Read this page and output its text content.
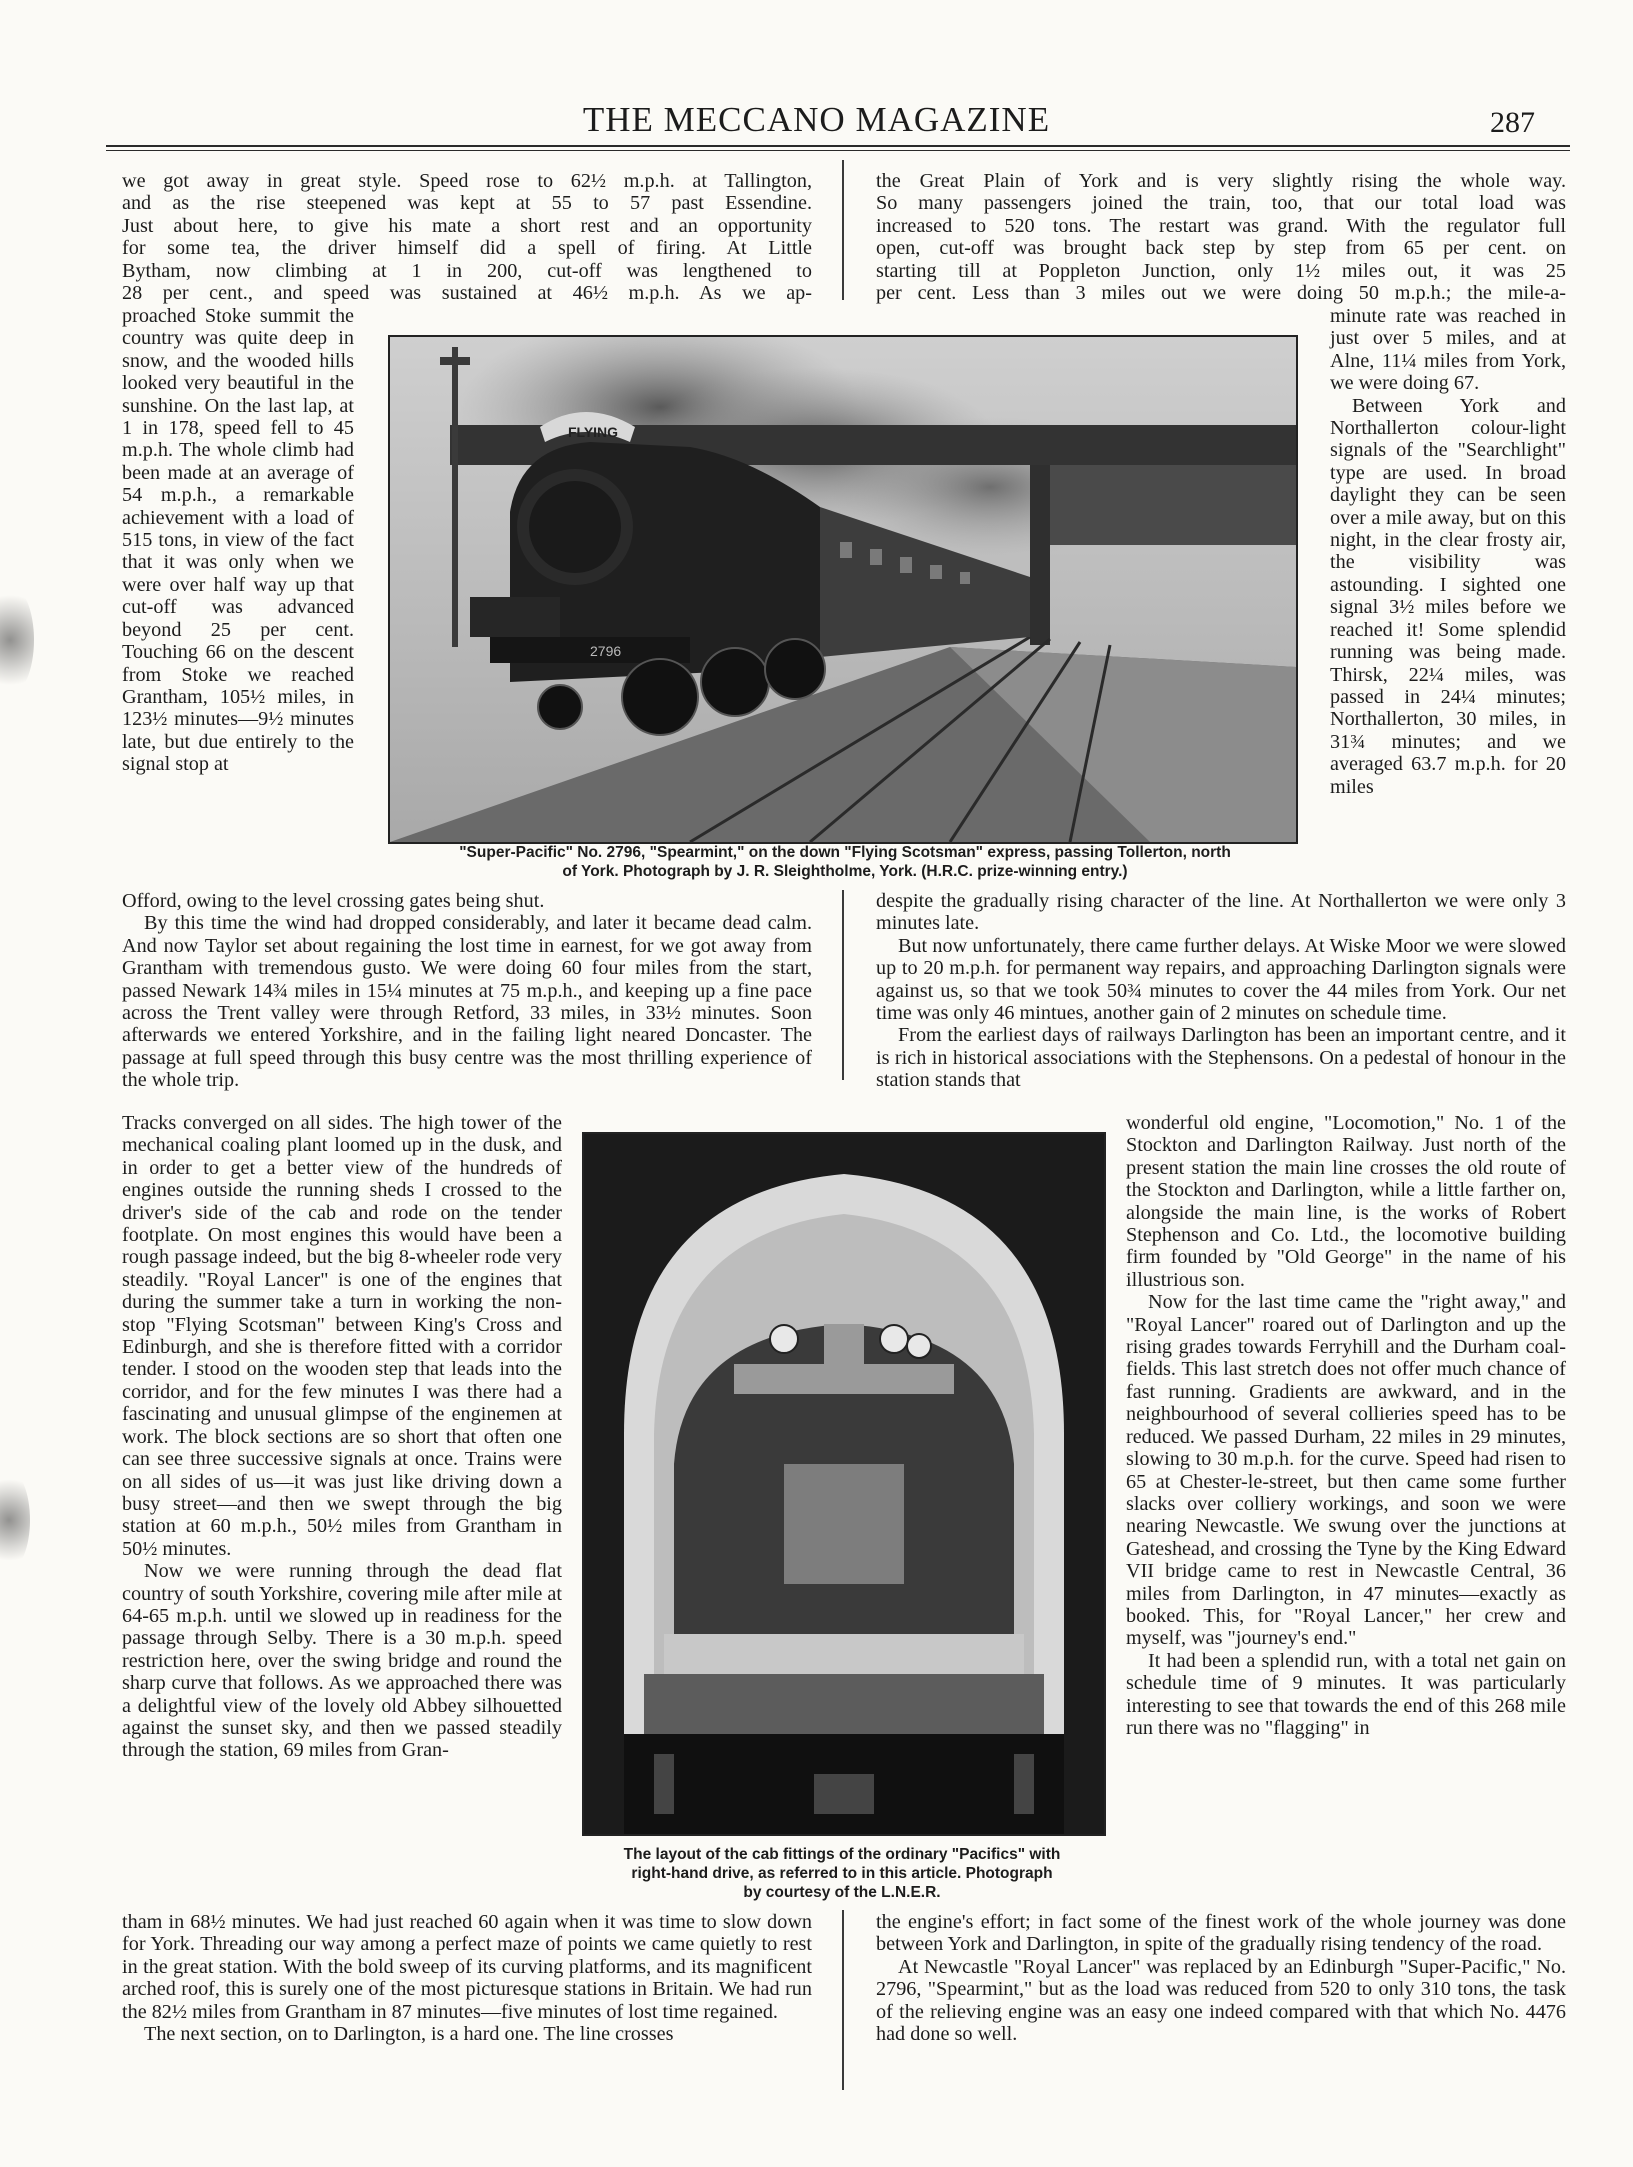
THE MECCANO MAGAZINE	287
we got away in great style. Speed rose to 62½ m.p.h. at Tallington,
and as the rise steepened was kept at 55 to 57 past Essendine.
Just about here, to give his mate a short rest and an opportunity
for some tea, the driver himself did a spell of firing. At Little
Bytham, now climbing at 1 in 200, cut-off was lengthened to
28 per cent., and speed was sustained at 46½ m.p.h. As we ap-

proached Stoke summit the country was quite deep in snow, and the wooded hills looked very beautiful in the sunshine. On the last lap, at 1 in 178, speed fell to 45 m.p.h. The whole climb had been made at an average of 54 m.p.h., a remarkable achievement with a load of 515 tons, in view of the fact that it was only when we were over half way up that cut-off was advanced beyond 25 per cent. Touching 66 on the descent from Stoke we reached Grantham, 105½ miles, in 123½ minutes—9½ minutes late, but due entirely to the signal stop at

FLYING
2796
"Super-Pacific" No. 2796, "Spearmint," on the down "Flying Scotsman" express, passing Tollerton, north
of York. Photograph by J. R. Sleightholme, York. (H.R.C. prize-winning entry.)
the Great Plain of York and is very slightly rising the whole way.
So many passengers joined the train, too, that our total load was
increased to 520 tons. The restart was grand. With the regulator full
open, cut-off was brought back step by step from 65 per cent. on
starting till at Poppleton Junction, only 1½ miles out, it was 25
per cent. Less than 3 miles out we were doing 50 m.p.h.; the mile-a-

minute rate was reached in just over 5 miles, and at Alne, 11¼ miles from York, we were doing 67.

Between York and Northallerton colour-light signals of the "Searchlight" type are used. In broad daylight they can be seen over a mile away, but on this night, in the clear frosty air, the visibility was astounding. I sighted one signal 3½ miles before we reached it! Some splendid running was being made. Thirsk, 22¼ miles, was passed in 24¼ minutes; Northallerton, 30 miles, in 31¾ minutes; and we averaged 63.7 m.p.h. for 20 miles

Offord, owing to the level crossing gates being shut.

By this time the wind had dropped considerably, and later it became dead calm. And now Taylor set about regaining the lost time in earnest, for we got away from Grantham with tremendous gusto. We were doing 60 four miles from the start, passed Newark 14¾ miles in 15¼ minutes at 75 m.p.h., and keeping up a fine pace across the Trent valley were through Retford, 33 miles, in 33½ minutes. Soon afterwards we entered Yorkshire, and in the failing light neared Doncaster. The passage at full speed through this busy centre was the most thrilling experience of the whole trip.

despite the gradually rising character of the line. At Northallerton we were only 3 minutes late.

But now unfortunately, there came further delays. At Wiske Moor we were slowed up to 20 m.p.h. for permanent way repairs, and approaching Darlington signals were against us, so that we took 50¾ minutes to cover the 44 miles from York. Our net time was only 46 mintues, another gain of 2 minutes on schedule time.

From the earliest days of railways Darlington has been an important centre, and it is rich in historical associations with the Stephensons. On a pedestal of honour in the station stands that

Tracks converged on all sides. The high tower of the mechanical coaling plant loomed up in the dusk, and in order to get a better view of the hundreds of engines outside the running sheds I crossed to the driver's side of the cab and rode on the tender footplate. On most engines this would have been a rough passage indeed, but the big 8-wheeler rode very steadily. "Royal Lancer" is one of the engines that during the summer take a turn in working the non-stop "Flying Scotsman" between King's Cross and Edinburgh, and she is therefore fitted with a corridor tender. I stood on the wooden step that leads into the corridor, and for the few minutes I was there had a fascinating and unusual glimpse of the enginemen at work. The block sections are so short that often one can see three successive signals at once. Trains were on all sides of us—it was just like driving down a busy street—and then we swept through the big station at 60 m.p.h., 50½ miles from Grantham in 50½ minutes.

Now we were running through the dead flat country of south Yorkshire, covering mile after mile at 64-65 m.p.h. until we slowed up in readiness for the passage through Selby. There is a 30 m.p.h. speed restriction here, over the swing bridge and round the sharp curve that follows. As we approached there was a delightful view of the lovely old Abbey silhouetted against the sunset sky, and then we passed steadily through the station, 69 miles from Gran-

The layout of the cab fittings of the ordinary "Pacifics" with
right-hand drive, as referred to in this article. Photograph
by courtesy of the L.N.E.R.

wonderful old engine, "Locomotion," No. 1 of the Stockton and Darlington Railway. Just north of the present station the main line crosses the old route of the Stockton and Darlington, while a little farther on, alongside the main line, is the works of Robert Stephenson and Co. Ltd., the locomotive building firm founded by "Old George" in the name of his illustrious son.

Now for the last time came the "right away," and "Royal Lancer" roared out of Darlington and up the rising grades towards Ferryhill and the Durham coal-fields. This last stretch does not offer much chance of fast running. Gradients are awkward, and in the neighbourhood of several collieries speed has to be reduced. We passed Durham, 22 miles in 29 minutes, slowing to 30 m.p.h. for the curve. Speed had risen to 65 at Chester-le-street, but then came some further slacks over colliery workings, and soon we were nearing Newcastle. We swung over the junctions at Gateshead, and crossing the Tyne by the King Edward VII bridge came to rest in Newcastle Central, 36 miles from Darlington, in 47 minutes—exactly as booked. This, for "Royal Lancer," her crew and myself, was "journey's end."

It had been a splendid run, with a total net gain on schedule time of 9 minutes. It was particularly interesting to see that towards the end of this 268 mile run there was no "flagging" in

tham in 68½ minutes. We had just reached 60 again when it was time to slow down for York. Threading our way among a perfect maze of points we came quietly to rest in the great station. With the bold sweep of its curving platforms, and its magnificent arched roof, this is surely one of the most picturesque stations in Britain. We had run the 82½ miles from Grantham in 87 minutes—five minutes of lost time regained.

The next section, on to Darlington, is a hard one. The line crosses

the engine's effort; in fact some of the finest work of the whole journey was done between York and Darlington, in spite of the gradually rising tendency of the road.

At Newcastle "Royal Lancer" was replaced by an Edinburgh "Super-Pacific," No. 2796, "Spearmint," but as the load was reduced from 520 to only 310 tons, the task of the relieving engine was an easy one indeed compared with that which No. 4476 had done so well.
